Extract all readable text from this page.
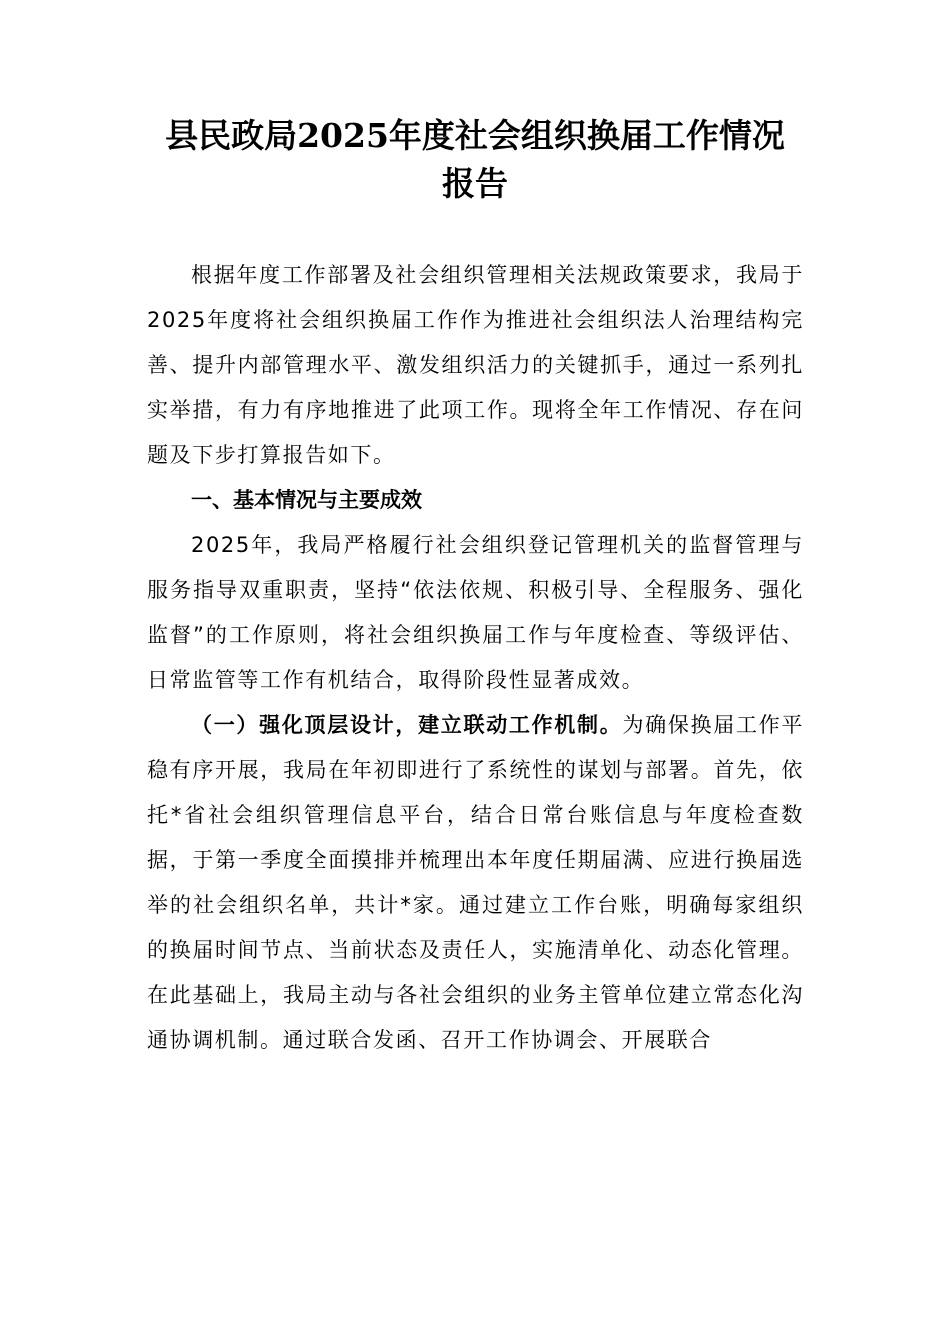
县民政局2025年度社会组织换届工作情况
报告

根据年度工作部署及社会组织管理相关法规政策要求，我局于2025年度将社会组织换届工作作为推进社会组织法人治理结构完善、提升内部管理水平、激发组织活力的关键抓手，通过一系列扎实举措，有力有序地推进了此项工作。现将全年工作情况、存在问题及下步打算报告如下。

一、基本情况与主要成效

2025年，我局严格履行社会组织登记管理机关的监督管理与服务指导双重职责，坚持“依法依规、积极引导、全程服务、强化监督”的工作原则，将社会组织换届工作与年度检查、等级评估、日常监管等工作有机结合，取得阶段性显著成效。

（一）强化顶层设计，建立联动工作机制。为确保换届工作平稳有序开展，我局在年初即进行了系统性的谋划与部署。首先，依托*省社会组织管理信息平台，结合日常台账信息与年度检查数据，于第一季度全面摸排并梳理出本年度任期届满、应进行换届选举的社会组织名单，共计*家。通过建立工作台账，明确每家组织的换届时间节点、当前状态及责任人，实施清单化、动态化管理。在此基础上，我局主动与各社会组织的业务主管单位建立常态化沟通协调机制。通过联合发函、召开工作协调会、开展联合
